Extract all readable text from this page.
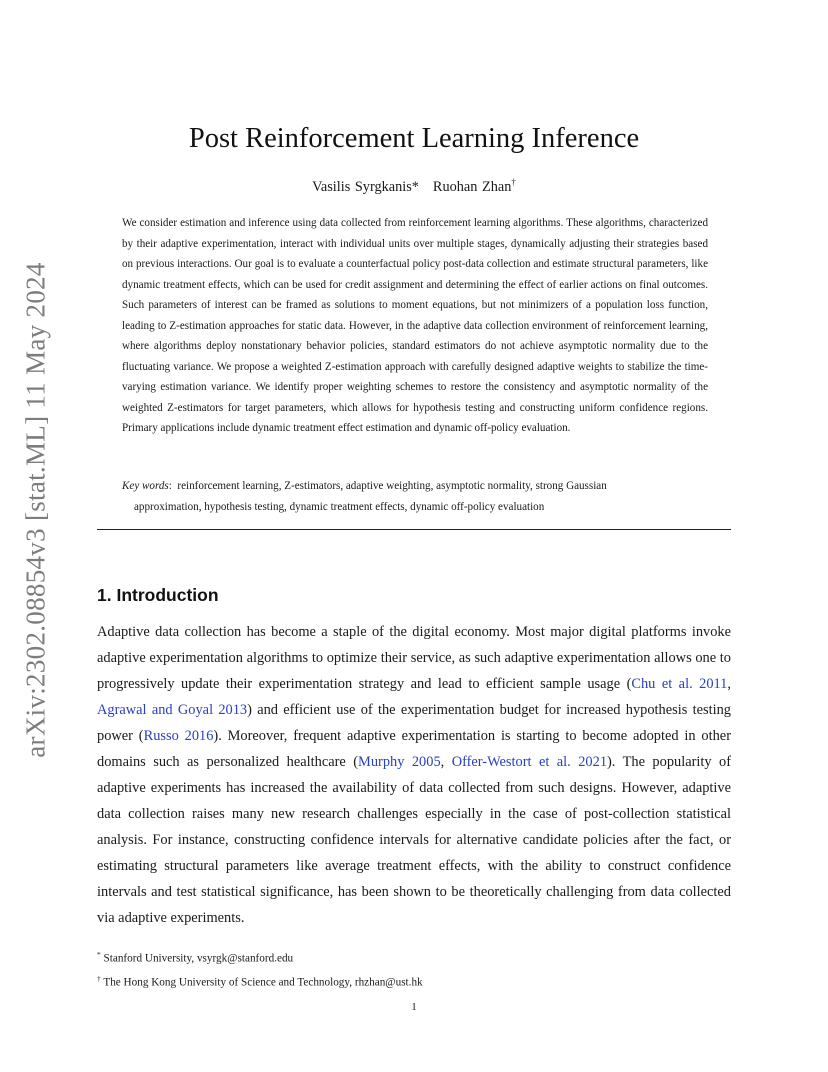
arXiv:2302.08854v3 [stat.ML] 11 May 2024
Post Reinforcement Learning Inference
Vasilis Syrgkanis* Ruohan Zhan†
We consider estimation and inference using data collected from reinforcement learning algorithms. These algorithms, characterized by their adaptive experimentation, interact with individual units over multiple stages, dynamically adjusting their strategies based on previous interactions. Our goal is to evaluate a counterfactual policy post-data collection and estimate structural parameters, like dynamic treatment effects, which can be used for credit assignment and determining the effect of earlier actions on final outcomes. Such parameters of interest can be framed as solutions to moment equations, but not minimizers of a population loss function, leading to Z-estimation approaches for static data. However, in the adaptive data collection environment of reinforcement learning, where algorithms deploy nonstationary behavior policies, standard estimators do not achieve asymptotic normality due to the fluctuating variance. We propose a weighted Z-estimation approach with carefully designed adaptive weights to stabilize the time-varying estimation variance. We identify proper weighting schemes to restore the consistency and asymptotic normality of the weighted Z-estimators for target parameters, which allows for hypothesis testing and constructing uniform confidence regions. Primary applications include dynamic treatment effect estimation and dynamic off-policy evaluation.
Key words:  reinforcement learning, Z-estimators, adaptive weighting, asymptotic normality, strong Gaussian
approximation, hypothesis testing, dynamic treatment effects, dynamic off-policy evaluation
1. Introduction
Adaptive data collection has become a staple of the digital economy. Most major digital platforms invoke adaptive experimentation algorithms to optimize their service, as such adaptive experimentation allows one to progressively update their experimentation strategy and lead to efficient sample usage (Chu et al. 2011, Agrawal and Goyal 2013) and efficient use of the experimentation budget for increased hypothesis testing power (Russo 2016). Moreover, frequent adaptive experimentation is starting to become adopted in other domains such as personalized healthcare (Murphy 2005, Offer-Westort et al. 2021). The popularity of adaptive experiments has increased the availability of data collected from such designs. However, adaptive data collection raises many new research challenges especially in the case of post-collection statistical analysis. For instance, constructing confidence intervals for alternative candidate policies after the fact, or estimating structural parameters like average treatment effects, with the ability to construct confidence intervals and test statistical significance, has been shown to be theoretically challenging from data collected via adaptive experiments.
* Stanford University, vsyrgk@stanford.edu
† The Hong Kong University of Science and Technology, rhzhan@ust.hk
1
